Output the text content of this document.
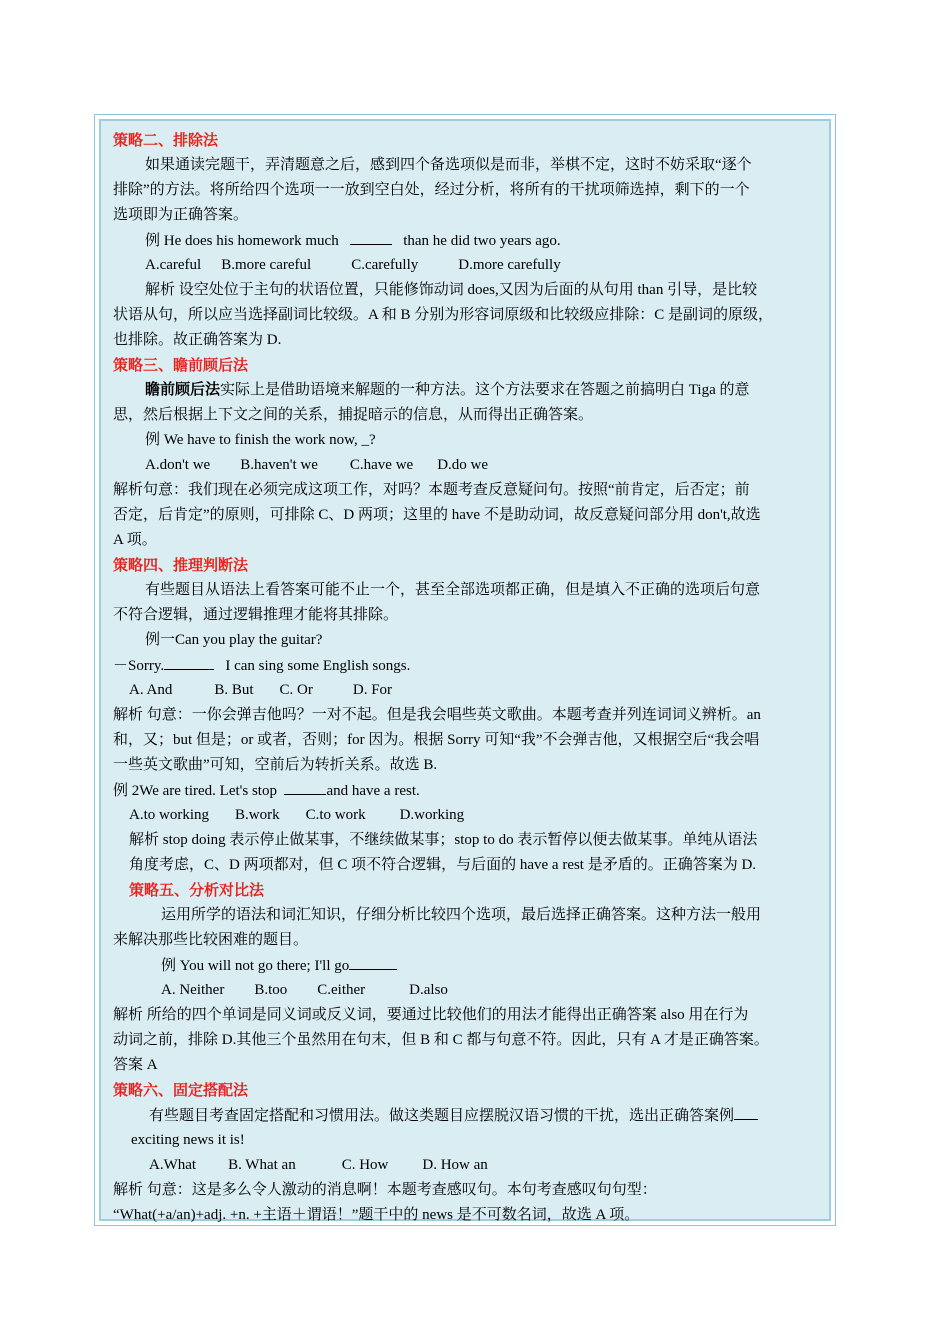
策略二、排除法
如果通读完题干，弄清题意之后，感到四个备选项似是而非，举棋不定，这时不妨采取“逐个
排除”的方法。将所给四个选项一一放到空白处，经过分析，将所有的干扰项筛选掉，剩下的一个
选项即为正确答案。
例 He does his homework much	than he did two years ago.
A.careful B.more careful	C.carefully	D.more carefully
解析 设空处位于主句的状语位置，只能修饰动词 does,又因为后面的从句用 than 引导，是比较
状语从句，所以应当选择副词比较级。A 和 B 分别为形容词原级和比较级应排除：C 是副词的原级，
也排除。故正确答案为 D.
策略三、瞻前顾后法
瞻前顾后法实际上是借助语境来解题的一种方法。这个方法要求在答题之前搞明白 Tiga 的意
思，然后根据上下文之间的关系，捕捉暗示的信息，从而得出正确答案。
例 We have to finish the work now, _?
A.don't we B.haven't we C.have we D.do we
解析句意：我们现在必须完成这项工作，对吗？本题考查反意疑问句。按照“前肯定，后否定；前
否定，后肯定”的原则，可排除 C、D 两项；这里的 have 不是助动词，故反意疑问部分用 don't,故选
A 项。
策略四、推理判断法
有些题目从语法上看答案可能不止一个，甚至全部选项都正确，但是填入不正确的选项后句意
不符合逻辑，通过逻辑推理才能将其排除。
例一Can you play the guitar?
－Sorry.	I can sing some English songs.
A. And	B. But C. Or	D. For
解析 句意：一你会弹吉他吗？一对不起。但是我会唱些英文歌曲。本题考查并列连词词义辨析。an
和，又；but 但是；or 或者，否则；for 因为。根据 Sorry 可知“我”不会弹吉他，又根据空后“我会唱
一些英文歌曲”可知，空前后为转折关系。故选 B.
例 2We are tired. Let's stop	and have a rest.
A.to working B.work C.to work D.working
解析 stop doing 表示停止做某事，不继续做某事；stop to do 表示暂停以便去做某事。单纯从语法
角度考虑，C、D 两项都对，但 C 项不符合逻辑，与后面的 have a rest 是矛盾的。正确答案为 D.
策略五、分析对比法
运用所学的语法和词汇知识，仔细分析比较四个选项，最后选择正确答案。这种方法一般用
来解决那些比较困难的题目。
例 You will not go there; I'll go
A. Neither B.too C.either	D.also
解析 所给的四个单词是同义词或反义词，要通过比较他们的用法才能得出正确答案 also 用在行为
动词之前，排除 D.其他三个虽然用在句末，但 B 和 C 都与句意不符。因此，只有 A 才是正确答案。
答案 A
策略六、固定搭配法
有些题目考查固定搭配和习惯用法。做这类题目应摆脱汉语习惯的干扰，选出正确答案例
exciting news it is!
A.What B. What an	C. How D. How an
解析 句意：这是多么令人激动的消息啊！本题考查感叹句。本句考查感叹句句型：
“What(+a/an)+adj. +n. +主语＋谓语！”题干中的 news 是不可数名词，故选 A 项。
